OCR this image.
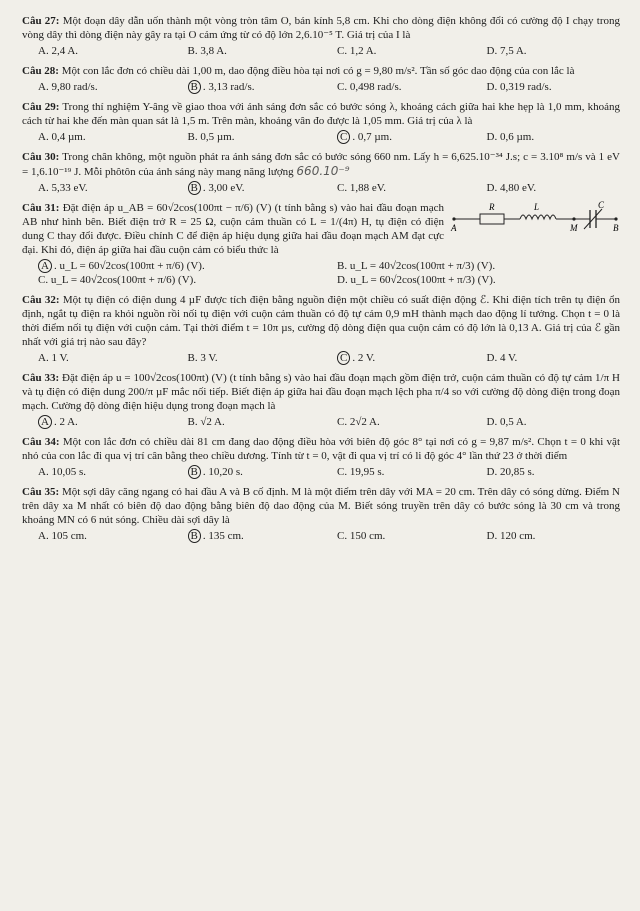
Câu 27: Một đoạn dây dẫn uốn thành một vòng tròn tâm O, bán kính 5,8 cm. Khi cho dòng điện không đổi có cường độ I chạy trong vòng dây thì dòng điện này gây ra tại O cảm ứng từ có độ lớn 2,6.10⁻⁵ T. Giá trị của I là
A. 2,4 A.	B. 3,8 A.	C. 1,2 A.	D. 7,5 A.
Câu 28: Một con lắc đơn có chiều dài 1,00 m, dao động điều hòa tại nơi có g = 9,80 m/s². Tần số góc dao động của con lắc là
A. 9,80 rad/s.	B . 3,13 rad/s.	C. 0,498 rad/s.	D. 0,319 rad/s.
Câu 29: Trong thí nghiệm Y-âng về giao thoa với ánh sáng đơn sắc có bước sóng λ, khoảng cách giữa hai khe hẹp là 1,0 mm, khoảng cách từ hai khe đến màn quan sát là 1,5 m. Trên màn, khoảng vân đo được là 1,05 mm. Giá trị của λ là
A. 0,4 µm.	B. 0,5 µm.	C . 0,7 µm.	D. 0,6 µm.
Câu 30: Trong chân không, một nguồn phát ra ánh sáng đơn sắc có bước sóng 660 nm. Lấy h = 6,625.10⁻³⁴ J.s; c = 3.10⁸ m/s và 1 eV = 1,6.10⁻¹⁹ J. Mỗi phôtôn của ánh sáng này mang năng lượng 660.10⁻⁹
A. 5,33 eV.	B . 3,00 eV.	C. 1,88 eV.	D. 4,80 eV.
R	L	C
A	M	B
Câu 31: Đặt điện áp u_AB = 60√2cos(100πt − π/6) (V) (t tính bằng s) vào hai đầu đoạn mạch AB như hình bên. Biết điện trở R = 25 Ω, cuộn cảm thuần có L = 1/(4π) H, tụ điện có điện dung C thay đổi được. Điều chỉnh C để điện áp hiệu dụng giữa hai đầu đoạn mạch AM đạt cực đại. Khi đó, điện áp giữa hai đầu cuộn cảm có biểu thức là
A . u_L = 60√2cos(100πt + π/6) (V).	B. u_L = 40√2cos(100πt + π/3) (V).
C. u_L = 40√2cos(100πt + π/6) (V).	D. u_L = 60√2cos(100πt + π/3) (V).
Câu 32: Một tụ điện có điện dung 4 µF được tích điện bằng nguồn điện một chiều có suất điện động ℰ. Khi điện tích trên tụ điện ổn định, ngắt tụ điện ra khỏi nguồn rồi nối tụ điện với cuộn cảm thuần có độ tự cảm 0,9 mH thành mạch dao động lí tưởng. Chọn t = 0 là thời điểm nối tụ điện với cuộn cảm. Tại thời điểm t = 10π µs, cường độ dòng điện qua cuộn cảm có độ lớn là 0,13 A. Giá trị của ℰ gần nhất với giá trị nào sau đây?
A. 1 V.	B. 3 V.	C . 2 V.	D. 4 V.
Câu 33: Đặt điện áp u = 100√2cos(100πt) (V) (t tính bằng s) vào hai đầu đoạn mạch gồm điện trở, cuộn cảm thuần có độ tự cảm 1/π H và tụ điện có điện dung 200/π µF mắc nối tiếp. Biết điện áp giữa hai đầu đoạn mạch lệch pha π/4 so với cường độ dòng điện trong đoạn mạch. Cường độ dòng điện hiệu dụng trong đoạn mạch là
A . 2 A.	B. √2 A.	C. 2√2 A.	D. 0,5 A.
Câu 34: Một con lắc đơn có chiều dài 81 cm đang dao động điều hòa với biên độ góc 8° tại nơi có g = 9,87 m/s². Chọn t = 0 khi vật nhỏ của con lắc đi qua vị trí cân bằng theo chiều dương. Tính từ t = 0, vật đi qua vị trí có li độ góc 4° lần thứ 23 ở thời điểm
A. 10,05 s.	B . 10,20 s.	C. 19,95 s.	D. 20,85 s.
Câu 35: Một sợi dây căng ngang có hai đầu A và B cố định. M là một điểm trên dây với MA = 20 cm. Trên dây có sóng dừng. Điểm N trên dây xa M nhất có biên độ dao động bằng biên độ dao động của M. Biết sóng truyền trên dây có bước sóng là 30 cm và trong khoảng MN có 6 nút sóng. Chiều dài sợi dây là
A. 105 cm.	B . 135 cm.	C. 150 cm.	D. 120 cm.
